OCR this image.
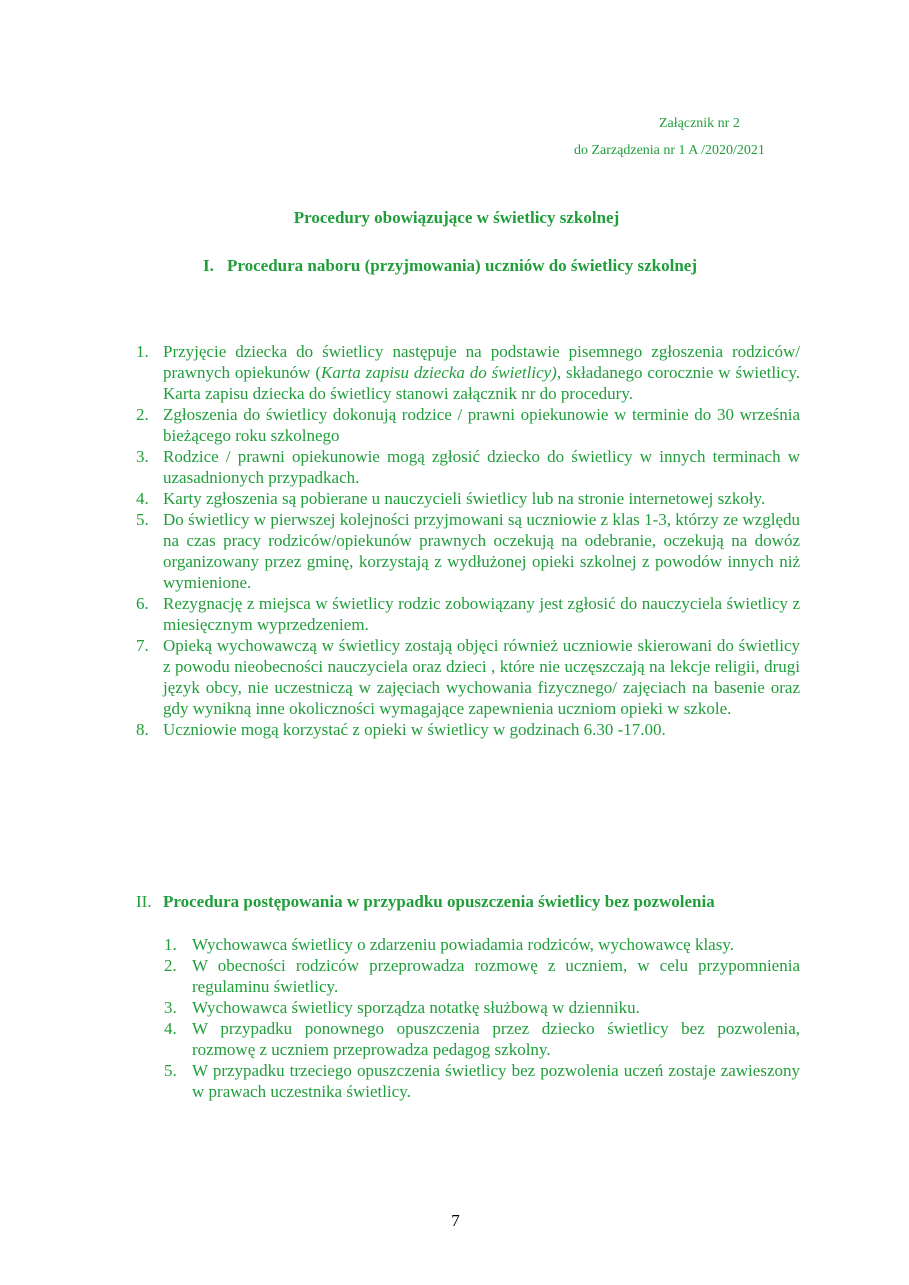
Załącznik nr 2
do Zarządzenia nr 1 A /2020/2021
Procedury obowiązujące w świetlicy szkolnej
I. Procedura naboru (przyjmowania) uczniów do świetlicy szkolnej
1. Przyjęcie dziecka do świetlicy następuje na podstawie pisemnego zgłoszenia rodziców/ prawnych opiekunów (Karta zapisu dziecka do świetlicy), składanego corocznie w świetlicy. Karta zapisu dziecka do świetlicy stanowi załącznik nr do procedury.
2. Zgłoszenia do świetlicy dokonują rodzice / prawni opiekunowie w terminie do 30 września bieżącego roku szkolnego
3. Rodzice / prawni opiekunowie mogą zgłosić dziecko do świetlicy w innych terminach w uzasadnionych przypadkach.
4. Karty zgłoszenia są pobierane u nauczycieli świetlicy lub na stronie internetowej szkoły.
5. Do świetlicy w pierwszej kolejności przyjmowani są uczniowie z klas 1-3, którzy ze względu na czas pracy rodziców/opiekunów prawnych oczekują na odebranie, oczekują na dowóz organizowany przez gminę, korzystają z wydłużonej opieki szkolnej z powodów innych niż wymienione.
6. Rezygnację z miejsca w świetlicy rodzic zobowiązany jest zgłosić do nauczyciela świetlicy z miesięcznym wyprzedzeniem.
7. Opieką wychowawczą w świetlicy zostają objęci również uczniowie skierowani do świetlicy z powodu nieobecności nauczyciela oraz dzieci , które nie uczęszczają na lekcje religii, drugi język obcy, nie uczestniczą w zajęciach wychowania fizycznego/ zajęciach na basenie oraz gdy wynikną inne okoliczności wymagające zapewnienia uczniom opieki w szkole.
8. Uczniowie mogą korzystać z opieki w świetlicy w godzinach 6.30 -17.00.
II. Procedura postępowania w przypadku opuszczenia świetlicy bez pozwolenia
1. Wychowawca świetlicy o zdarzeniu powiadamia rodziców, wychowawcę klasy.
2. W obecności rodziców przeprowadza rozmowę z uczniem, w celu przypomnienia regulaminu świetlicy.
3. Wychowawca świetlicy sporządza notatkę służbową w dzienniku.
4. W przypadku ponownego opuszczenia przez dziecko świetlicy bez pozwolenia, rozmowę z uczniem przeprowadza pedagog szkolny.
5. W przypadku trzeciego opuszczenia świetlicy bez pozwolenia uczeń zostaje zawieszony w prawach uczestnika świetlicy.
7
